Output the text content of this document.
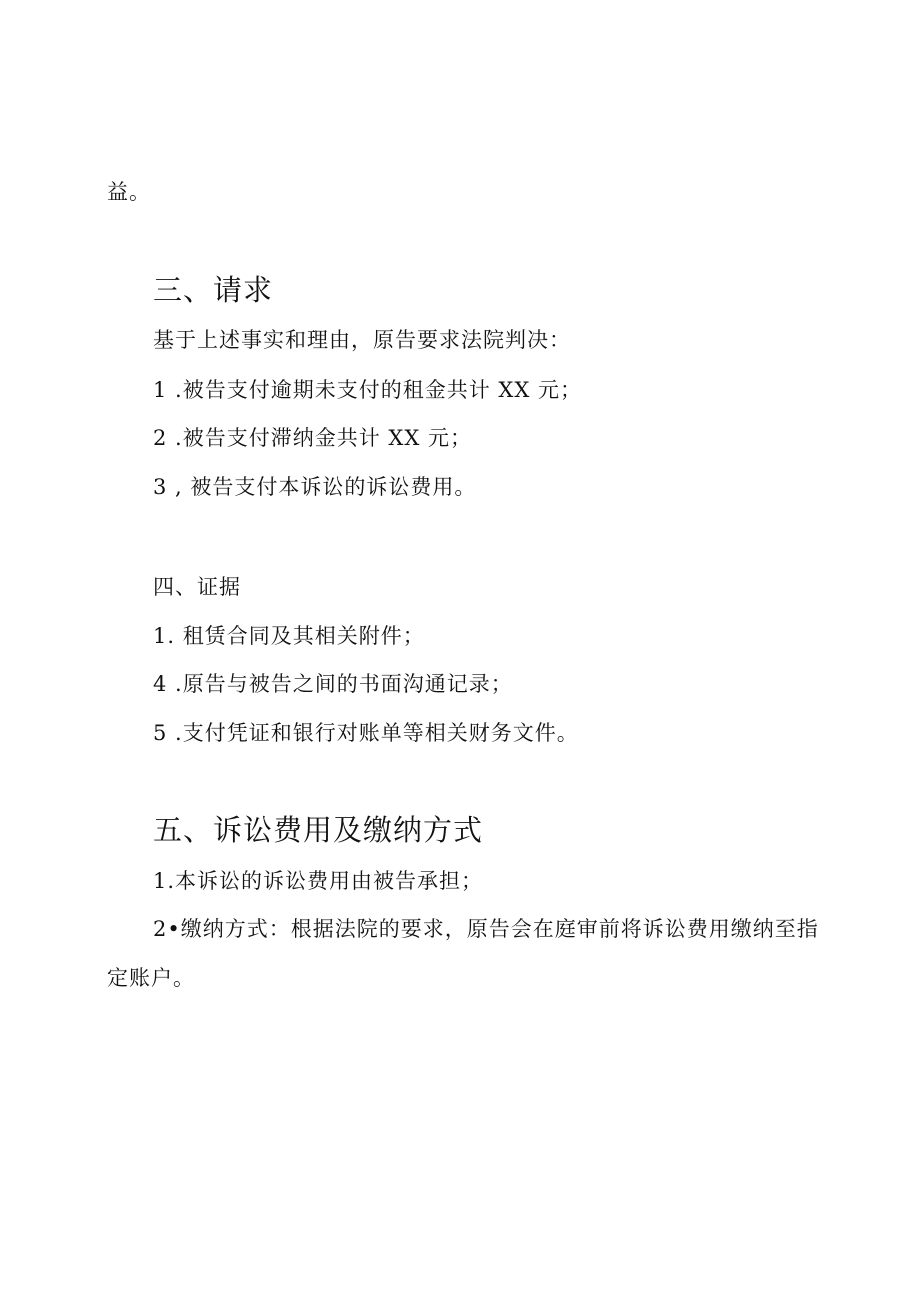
益。
三、请求
基于上述事实和理由，原告要求法院判决：
1 .被告支付逾期未支付的租金共计 XX 元；
2 .被告支付滞纳金共计 XX 元；
3 , 被告支付本诉讼的诉讼费用。
四、证据
1. 租赁合同及其相关附件；
4 .原告与被告之间的书面沟通记录；
5 .支付凭证和银行对账单等相关财务文件。
五、诉讼费用及缴纳方式
1.本诉讼的诉讼费用由被告承担；
2•缴纳方式：根据法院的要求，原告会在庭审前将诉讼费用缴纳至指
定账户。
